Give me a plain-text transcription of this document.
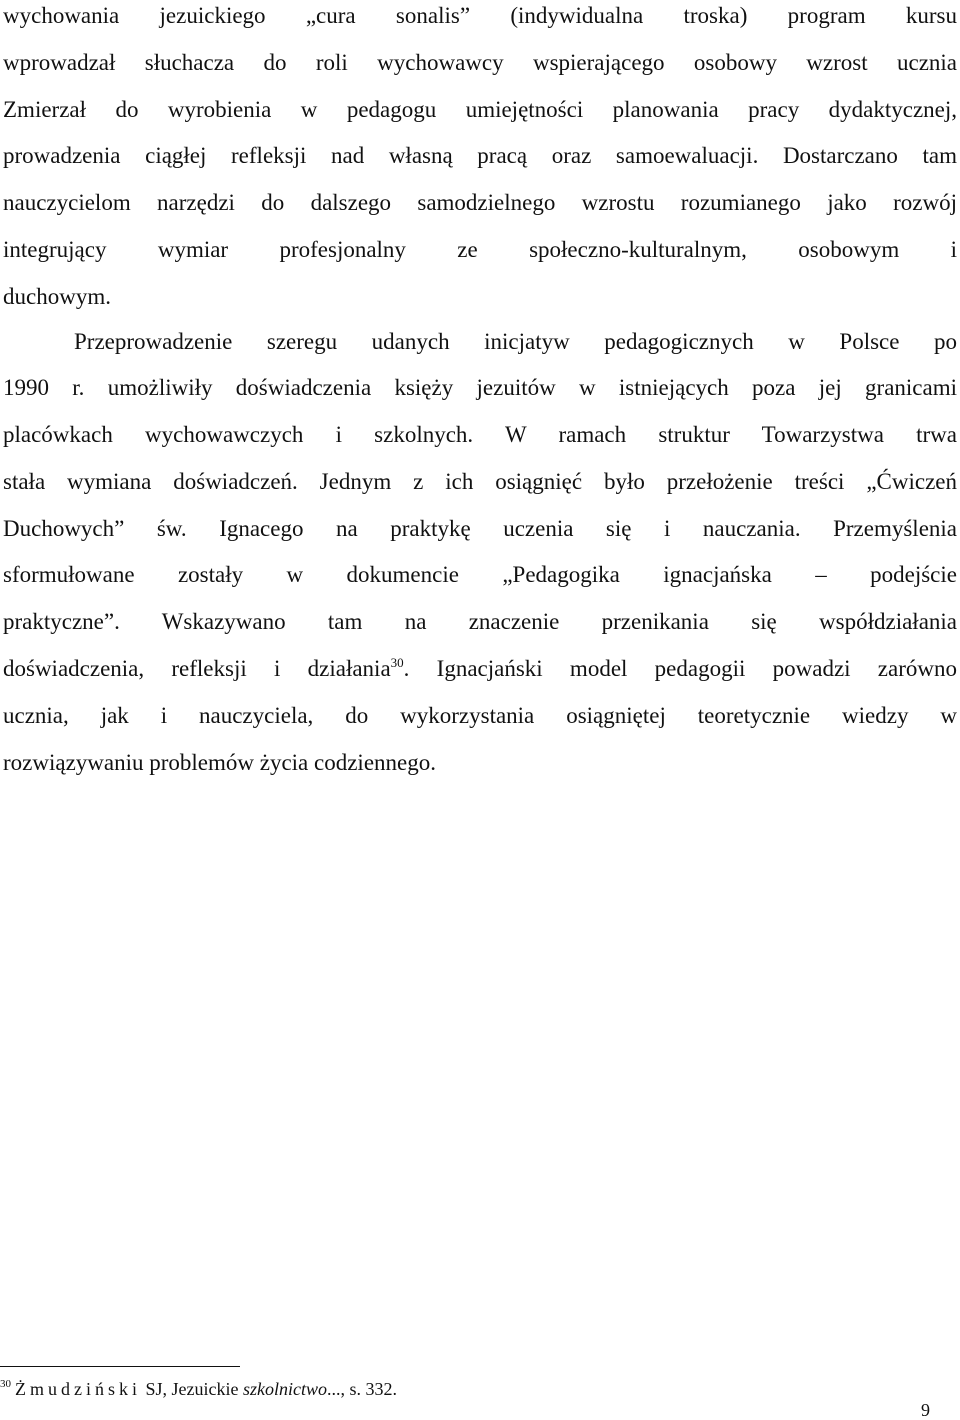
wychowania jezuickiego „cura sonalis” (indywidualna troska) program kursu
wprowadzał słuchacza do roli wychowawcy wspierającego osobowy wzrost ucznia
Zmierzał do wyrobienia w pedagogu umiejętności planowania pracy dydaktycznej,
prowadzenia ciągłej refleksji nad własną pracą oraz samoewaluacji. Dostarczano tam
nauczycielom narzędzi do dalszego samodzielnego wzrostu rozumianego jako rozwój
integrujący wymiar profesjonalny ze społeczno-kulturalnym, osobowym i
duchowym.
Przeprowadzenie szeregu udanych inicjatyw pedagogicznych w Polsce po
1990 r. umożliwiły doświadczenia księży jezuitów w istniejących poza jej granicami
placówkach wychowawczych i szkolnych. W ramach struktur Towarzystwa trwa
stała wymiana doświadczeń. Jednym z ich osiągnięć było przełożenie treści „Ćwiczeń
Duchowych” św. Ignacego na praktykę uczenia się i nauczania. Przemyślenia
sformułowane zostały w dokumencie „Pedagogika ignacjańska – podejście
praktyczne”. Wskazywano tam na znaczenie przenikania się współdziałania
doświadczenia, refleksji i działania$^{30}$. Ignacjański model pedagogii powadzi zarówno
ucznia, jak i nauczyciela, do wykorzystania osiągniętej teoretycznie wiedzy w
rozwiązywaniu problemów życia codziennego.
$^{30}$ Żmudziński SJ, Jezuickie szkolnictwo..., s. 332.
9
